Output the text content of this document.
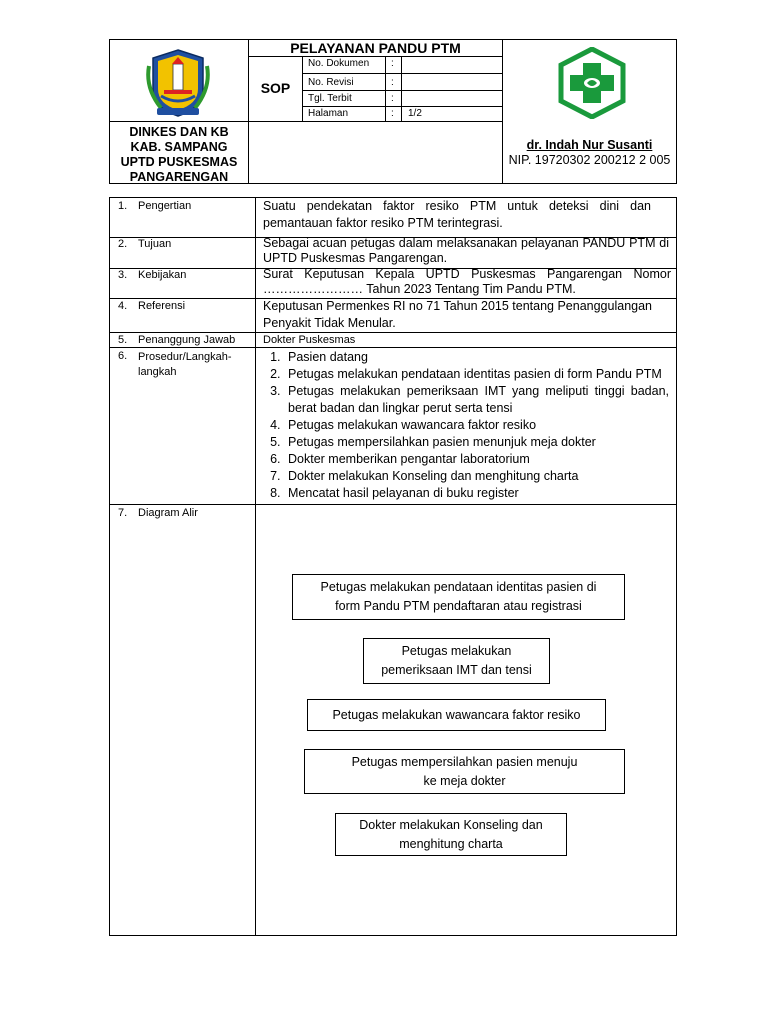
PELAYANAN PANDU PTM
SOP
No. Dokumen :
No. Revisi	:
Tgl. Terbit	:
Halaman	: 1/2
DINKES DAN KB
KAB. SAMPANG
UPTD PUSKESMAS
PANGARENGAN
dr. Indah Nur Susanti
NIP. 19720302 200212 2 005
1. Pengertian	Suatu pendekatan faktor resiko PTM untuk deteksi dini dan pemantauan faktor resiko PTM terintegrasi.
2. Tujuan	Sebagai acuan petugas dalam melaksanakan pelayanan PANDU PTM di UPTD Puskesmas Pangarengan.
3. Kebijakan	Surat Keputusan Kepala UPTD Puskesmas Pangarengan Nomor …………………… Tahun 2023 Tentang Tim Pandu PTM.
4. Referensi	Keputusan Permenkes RI no 71 Tahun 2015 tentang Penanggulangan Penyakit Tidak Menular.
5. Penanggung Jawab	Dokter Puskesmas
6. Prosedur/Langkah-langkah
1. Pasien datang
2. Petugas melakukan pendataan identitas pasien di form Pandu PTM
3. Petugas melakukan pemeriksaan IMT yang meliputi tinggi badan, berat badan dan lingkar perut serta tensi
4. Petugas melakukan wawancara faktor resiko
5. Petugas mempersilahkan pasien menunjuk meja dokter
6. Dokter memberikan pengantar laboratorium
7. Dokter melakukan Konseling dan menghitung charta
8. Mencatat hasil pelayanan di buku register
7. Diagram Alir
Petugas melakukan pendataan identitas pasien di form Pandu PTM pendaftaran atau registrasi
Petugas melakukan pemeriksaan IMT dan tensi
Petugas melakukan wawancara faktor resiko
Petugas mempersilahkan pasien menuju ke meja dokter
Dokter melakukan Konseling dan menghitung charta
